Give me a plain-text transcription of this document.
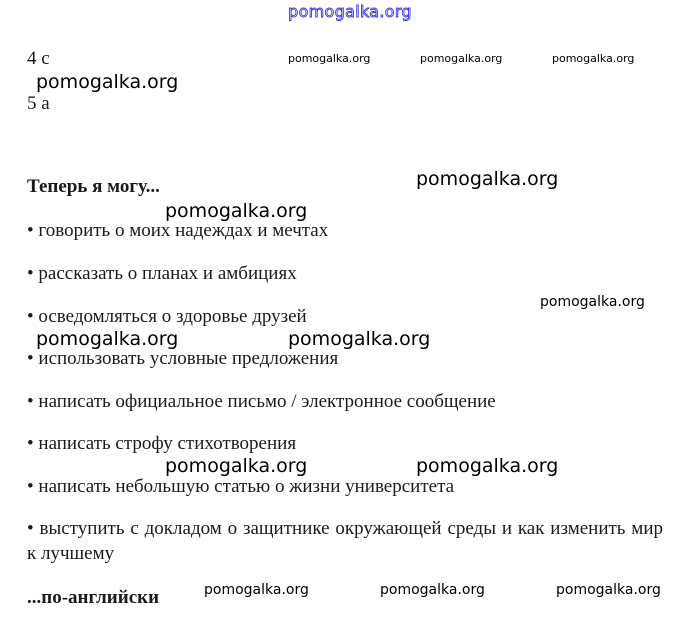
pomogalka.org
4 c
5 a
Теперь я могу...
• говорить о моих надеждах и мечтах
• рассказать о планах и амбициях
• осведомляться о здоровье друзей
• использовать условные предложения
• написать официальное письмо / электронное сообщение
• написать строфу стихотворения
• написать небольшую статью о жизни университета
• выступить с докладом о защитнике окружающей среды и как изменить мир к лучшему
...по-английски
pomogalka.org	pomogalka.org	pomogalka.org
pomogalka.org
pomogalka.org
pomogalka.org
pomogalka.org
pomogalka.org	pomogalka.org
pomogalka.org	pomogalka.org
pomogalka.org	pomogalka.org	pomogalka.org
